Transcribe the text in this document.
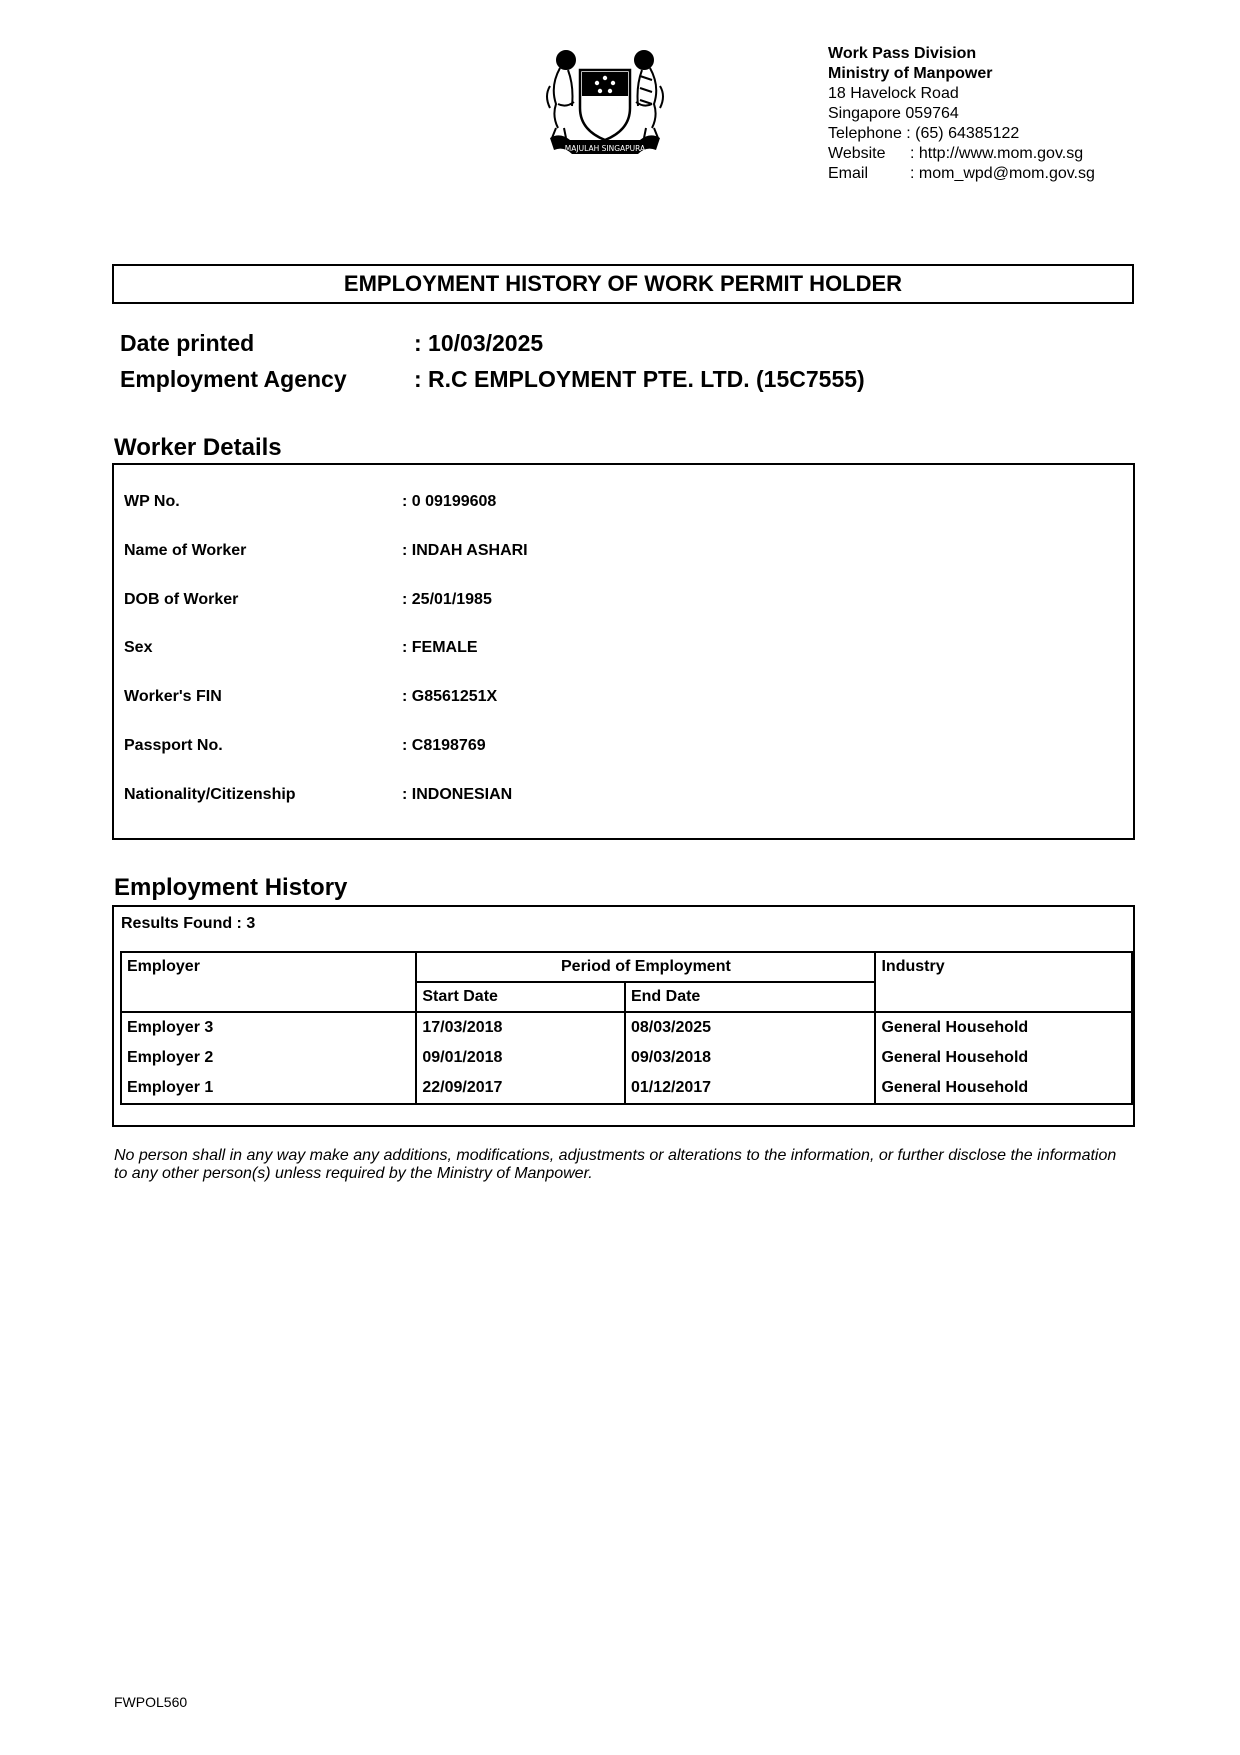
MAJULAH SINGAPURA
Work Pass Division
Ministry of Manpower
18 Havelock Road
Singapore 059764
Telephone : (65) 64385122
Website	: http://www.mom.gov.sg
Email	: mom_wpd@mom.gov.sg
EMPLOYMENT HISTORY OF WORK PERMIT HOLDER
Date printed	: 10/03/2025
Employment Agency	: R.C EMPLOYMENT PTE. LTD. (15C7555)
Worker Details
WP No.	: 0 09199608
Name of Worker	: INDAH ASHARI
DOB of Worker	: 25/01/1985
Sex	: FEMALE
Worker's FIN	: G8561251X
Passport No.	: C8198769
Nationality/Citizenship	: INDONESIAN
Employment History
Results Found : 3
Employer	Period of Employment		Industry
	Start Date	End Date	
Employer 3	17/03/2018	08/03/2025	General Household
Employer 2	09/01/2018	09/03/2018	General Household
Employer 1	22/09/2017	01/12/2017	General Household
No person shall in any way make any additions, modifications, adjustments or alterations to the information, or further disclose the information to any other person(s) unless required by the Ministry of Manpower.
FWPOL560
